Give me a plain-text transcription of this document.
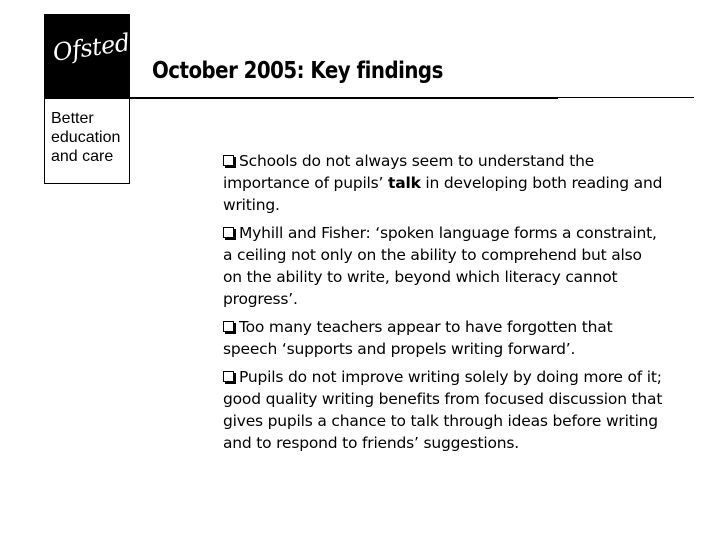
Ofsted
Better
education
and care
October 2005: Key findings
Schools do not always seem to understand the importance of pupils’ talk in developing both reading and writing.
Myhill and Fisher: ‘spoken language forms a constraint, a ceiling not only on the ability to comprehend but also on the ability to write, beyond which literacy cannot progress’.
Too many teachers appear to have forgotten that speech ‘supports and propels writing forward’.
Pupils do not improve writing solely by doing more of it; good quality writing benefits from focused discussion that gives pupils a chance to talk through ideas before writing and to respond to friends’ suggestions.
